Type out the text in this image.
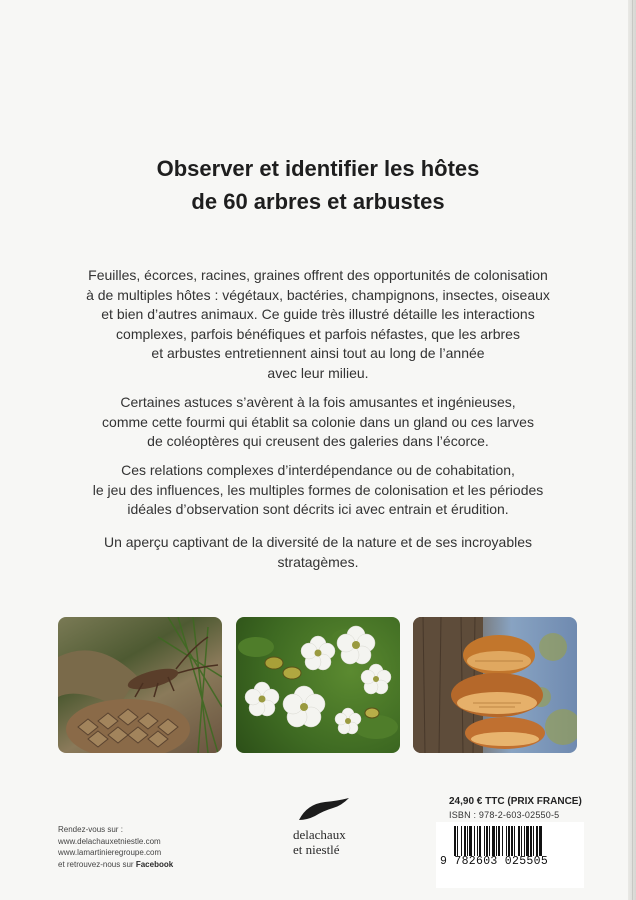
Observer et identifier les hôtes
de 60 arbres et arbustes
Feuilles, écorces, racines, graines offrent des opportunités de colonisation
à de multiples hôtes : végétaux, bactéries, champignons, insectes, oiseaux
et bien d’autres animaux. Ce guide très illustré détaille les interactions
complexes, parfois bénéfiques et parfois néfastes, que les arbres
et arbustes entretiennent ainsi tout au long de l’année
avec leur milieu.
Certaines astuces s’avèrent à la fois amusantes et ingénieuses,
comme cette fourmi qui établit sa colonie dans un gland ou ces larves
de coléoptères qui creusent des galeries dans l’écorce.
Ces relations complexes d’interdépendance ou de cohabitation,
le jeu des influences, les multiples formes de colonisation et les périodes
idéales d’observation sont décrits ici avec entrain et érudition.
Un aperçu captivant de la diversité de la nature et de ses incroyables
stratagèmes.
delachaux
et niestlé
Rendez-vous sur :
www.delachauxetniestle.com
www.lamartinieregroupe.com
et retrouvez-nous sur Facebook
24,90 € TTC (PRIX FRANCE)
ISBN : 978-2-603-02550-5
9 782603 025505
